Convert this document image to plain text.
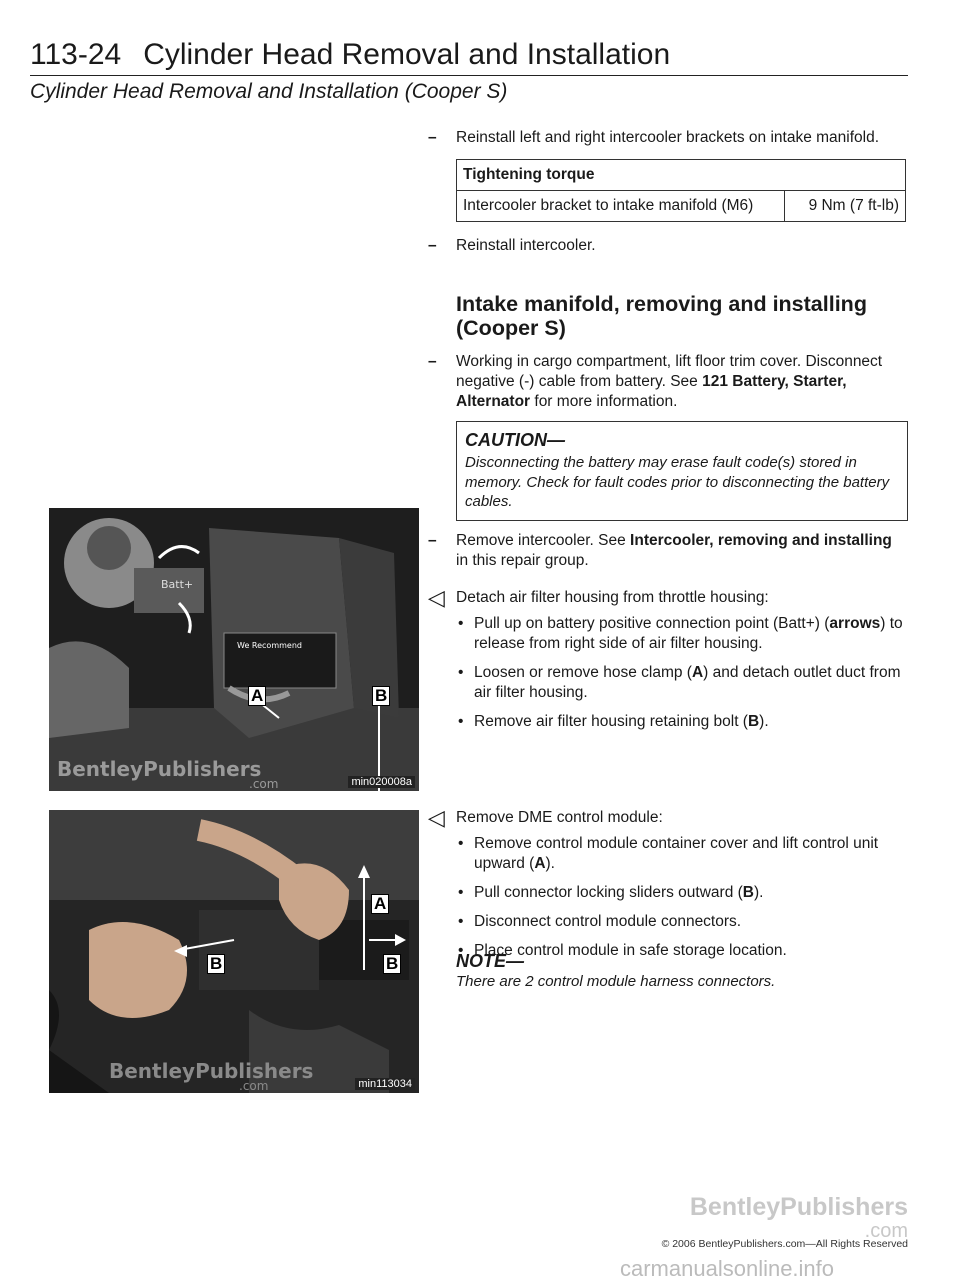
113-24 Cylinder Head Removal and Installation
Cylinder Head Removal and Installation (Cooper S)
– Reinstall left and right intercooler brackets on intake manifold.
Tightening torque
Intercooler bracket to intake manifold (M6)	9 Nm (7 ft-lb)
– Reinstall intercooler.
Intake manifold, removing and installing (Cooper S)
– Working in cargo compartment, lift floor trim cover. Disconnect negative (-) cable from battery. See 121 Battery, Starter, Alternator for more information.
CAUTION—
Disconnecting the battery may erase fault code(s) stored in memory. Check for fault codes prior to disconnecting the battery cables.
– Remove intercooler. See Intercooler, removing and installing in this repair group.
◁ Detach air filter housing from throttle housing:
• Pull up on battery positive connection point (Batt+) (arrows) to release from right side of air filter housing.
• Loosen or remove hose clamp (A) and detach outlet duct from air filter housing.
• Remove air filter housing retaining bolt (B).
◁ Remove DME control module:
• Remove control module container cover and lift control unit upward (A).
• Pull connector locking sliders outward (B).
• Disconnect control module connectors.
• Place control module in safe storage location.
NOTE—
There are 2 control module harness connectors.
Batt+
We Recommend
BentleyPublishers
.com
A	B
min020008a
BentleyPublishers
.com
A
B	B
min113034
BentleyPublishers
.com
© 2006 BentleyPublishers.com—All Rights Reserved
carmanualsonline.info
